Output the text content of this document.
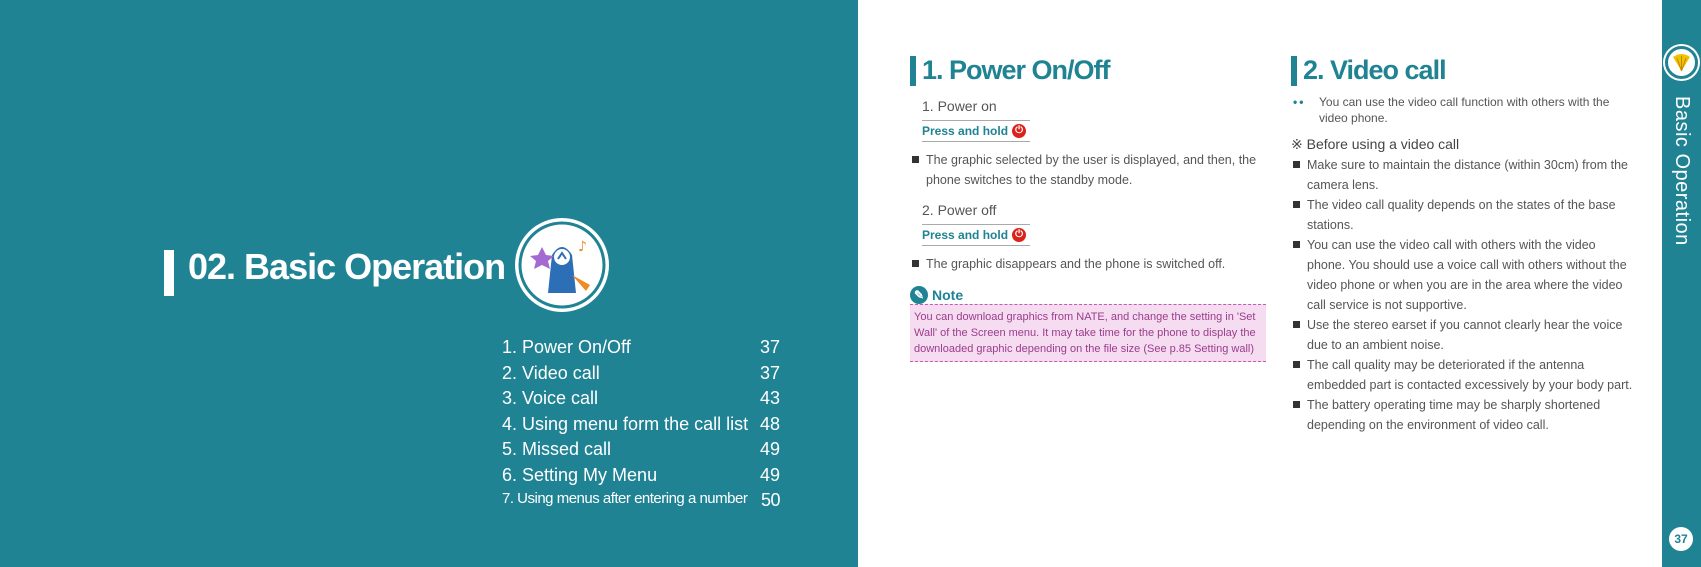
02. Basic Operation	♪
1. Power On/Off	37
2. Video call	37
3. Voice call	43
4. Using menu form the call list 48
5. Missed call	49
6. Setting My Menu	49
7. Using menus after entering a number 50
1. Power On/Off
1. Power on
Press and hold ⏻
The graphic selected by the user is displayed, and then, the phone switches to the standby mode.
2. Power off
Press and hold ⏻
The graphic disappears and the phone is switched off.
✎ Note
You can download graphics from NATE, and change the setting in 'Set Wall' of the Screen menu. It may take time for the phone to display the downloaded graphic depending on the file size (See p.85 Setting wall)
2. Video call
•• You can use the video call function with others with the video phone.
※ Before using a video call
Make sure to maintain the distance (within 30cm) from the camera lens.
The video call quality depends on the states of the base stations.
You can use the video call with others with the video phone. You should use a voice call with others without the video phone or when you are in the area where the video call service is not supportive.
Use the stereo earset if you cannot clearly hear the voice due to an ambient noise.
The call quality may be deteriorated if the antenna embedded part is contacted excessively by your body part.
The battery operating time may be sharply shortened depending on the environment of video call.
Basic Operation
37
